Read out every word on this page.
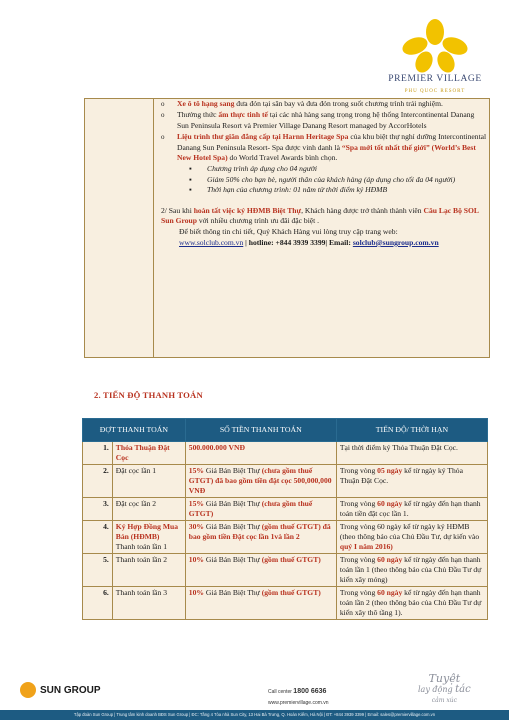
PREMIER VILLAGE
PHU QUOC RESORT
o Xe ô tô hạng sang đưa đón tại sân bay và đưa đón trong suốt chương trình trải nghiệm.
o Thưởng thức ẩm thực tinh tế tại các nhà hàng sang trọng trong hệ thống Intercontinental Danang Sun Peninsula Resort và Premier Village Danang Resort managed by AccorHotels
o Liệu trình thư giãn đẳng cấp tại Harnn Heritage Spa của khu biệt thự nghỉ dưỡng Intercontinental Danang Sun Peninsula Resort- Spa được vinh danh là “Spa mới tốt nhất thế giới” (World’s Best New Hotel Spa) do World Travel Awards bình chọn.
▪ Chương trình áp dụng cho 04 người
▪ Giảm 50% cho bạn bè, người thân của khách hàng (áp dụng cho tối đa 04 người)
▪ Thời hạn của chương trình: 01 năm từ thời điểm ký HĐMB
2/ Sau khi hoàn tất việc ký HĐMB Biệt Thự, Khách hàng được trở thành thành viên Câu Lạc Bộ SOL Sun Group với nhiều chương trình ưu đãi đặc biệt .
Để biết thông tin chi tiết, Quý Khách Hàng vui lòng truy cập trang web:
www.solclub.com.vn | hotline: +844 3939 3399| Email: solclub@sungroup.com.vn
2. TIẾN ĐỘ THANH TOÁN
ĐỢT THANH TOÁN		SỐ TIỀN THANH TOÁN	TIẾN ĐỘ/ THỜI HẠN
1.	Thỏa Thuận Đặt Cọc	500.000.000 VNĐ	Tại thời điểm ký Thỏa Thuận Đặt Cọc.
2.	Đặt cọc lần 1	15% Giá Bán Biệt Thự (chưa gồm thuế GTGT) đã bao gồm tiền đặt cọc 500,000,000 VNĐ	Trong vòng 05 ngày kể từ ngày ký Thỏa Thuận Đặt Cọc.
3.	Đặt cọc lần 2	15% Giá Bán Biệt Thự (chưa gồm thuế GTGT)	Trong vòng 60 ngày kể từ ngày đến hạn thanh toán tiền đặt cọc lần 1.
4.	Ký Hợp Đồng Mua Bán (HĐMB)
Thanh toán lần 1	30% Giá Bán Biệt Thự (gồm thuế GTGT) đã bao gồm tiền Đặt cọc lần 1và lần 2	Trong vòng 60 ngày kể từ ngày ký HĐMB (theo thông báo của Chủ Đầu Tư, dự kiến vào quý I năm 2016)
5.	Thanh toán lần 2	10% Giá Bán Biệt Thự (gồm thuế GTGT)	Trong vòng 60 ngày kể từ ngày đến hạn thanh toán lần 1 (theo thông báo của Chủ Đầu Tư dự kiến xây móng)
6.	Thanh toán lần 3	10% Giá Bán Biệt Thự (gồm thuế GTGT)	Trong vòng 60 ngày kể từ ngày đến hạn thanh toán lần 2 (theo thông báo của Chủ Đầu Tư dự kiến xây thô tầng 1).
SUN GROUP	Call center 1800 6636
www.premiervillage.com.vn
Tuyệt
lay động tác
cảm xúc
Tập đoàn Sun Group | Trung tâm kinh doanh BĐS Sun Group | ĐC: Tầng 4 Tòa nhà Sun City, 13 Hai Bà Trưng, Q. Hoàn Kiếm, Hà Nội | ĐT: +844 3939 3399 | Email: sales@premiervillage.com.vn
